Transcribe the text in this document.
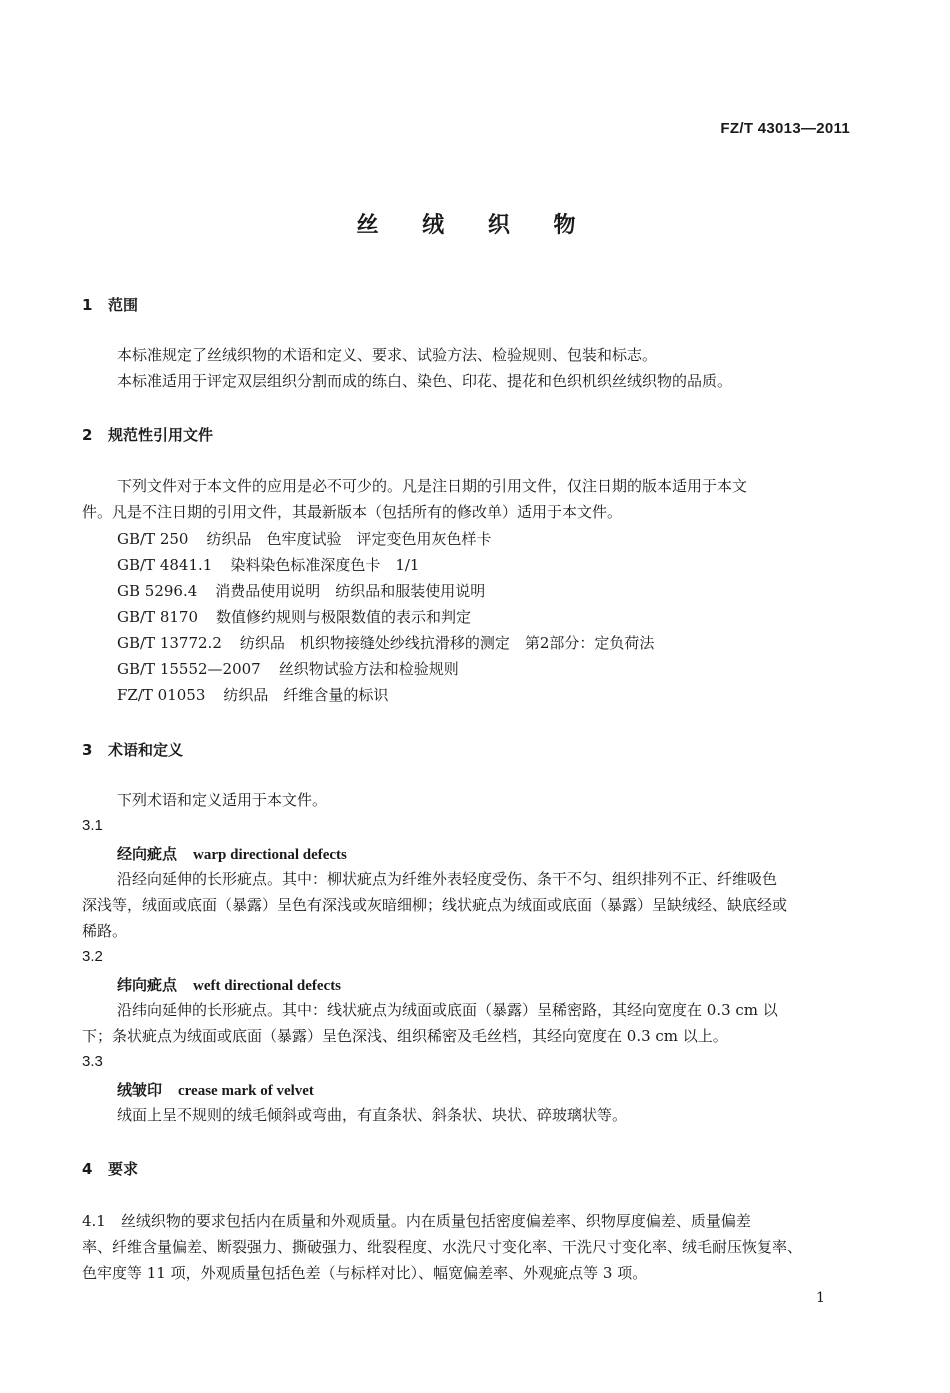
FZ/T 43013—2011
丝 绒 织 物
1 范围
本标准规定了丝绒织物的术语和定义、要求、试验方法、检验规则、包装和标志。
本标准适用于评定双层组织分割而成的练白、染色、印花、提花和色织机织丝绒织物的品质。
2 规范性引用文件
下列文件对于本文件的应用是必不可少的。凡是注日期的引用文件，仅注日期的版本适用于本文
件。凡是不注日期的引用文件，其最新版本（包括所有的修改单）适用于本文件。
GB/T 250 纺织品　色牢度试验　评定变色用灰色样卡
GB/T 4841.1 染料染色标准深度色卡　1/1
GB 5296.4 消费品使用说明　纺织品和服装使用说明
GB/T 8170 数值修约规则与极限数值的表示和判定
GB/T 13772.2 纺织品　机织物接缝处纱线抗滑移的测定　第2部分：定负荷法
GB/T 15552—2007 丝织物试验方法和检验规则
FZ/T 01053 纺织品　纤维含量的标识
3 术语和定义
下列术语和定义适用于本文件。
3.1
经向疵点 warp directional defects
沿经向延伸的长形疵点。其中：柳状疵点为纤维外表轻度受伤、条干不匀、组织排列不正、纤维吸色
深浅等，绒面或底面（暴露）呈色有深浅或灰暗细柳；线状疵点为绒面或底面（暴露）呈缺绒经、缺底经或
稀路。
3.2
纬向疵点 weft directional defects
沿纬向延伸的长形疵点。其中：线状疵点为绒面或底面（暴露）呈稀密路，其经向宽度在 0.3 cm 以
下；条状疵点为绒面或底面（暴露）呈色深浅、组织稀密及毛丝档，其经向宽度在 0.3 cm 以上。
3.3
绒皱印 crease mark of velvet
绒面上呈不规则的绒毛倾斜或弯曲，有直条状、斜条状、块状、碎玻璃状等。
4 要求
4.1　丝绒织物的要求包括内在质量和外观质量。内在质量包括密度偏差率、织物厚度偏差、质量偏差
率、纤维含量偏差、断裂强力、撕破强力、纰裂程度、水洗尺寸变化率、干洗尺寸变化率、绒毛耐压恢复率、
色牢度等 11 项，外观质量包括色差（与标样对比）、幅宽偏差率、外观疵点等 3 项。
1
